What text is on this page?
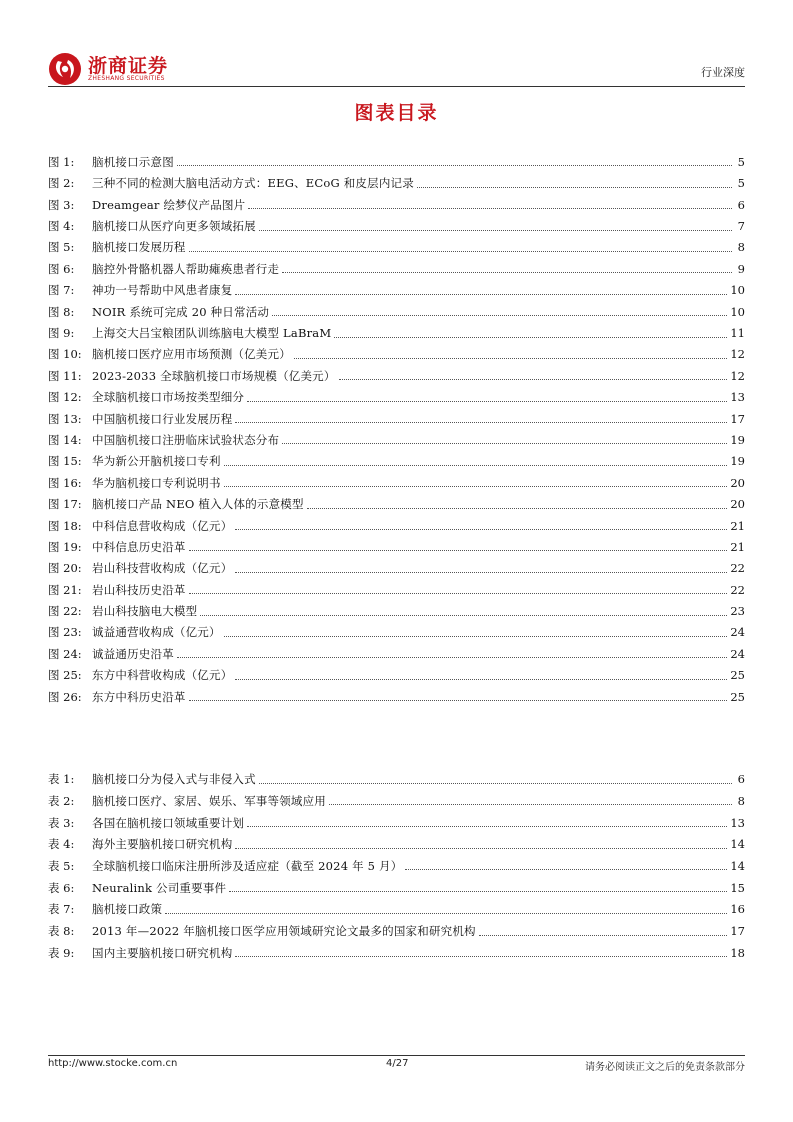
浙商证券
ZHESHANG SECURITIES	行业深度
图表目录
图 1:	脑机接口示意图	5
图 2:	三种不同的检测大脑电活动方式：EEG、ECoG 和皮层内记录	5
图 3:	Dreamgear 绘梦仪产品图片	6
图 4:	脑机接口从医疗向更多领域拓展	7
图 5:	脑机接口发展历程	8
图 6:	脑控外骨骼机器人帮助瘫痪患者行走	9
图 7:	神功一号帮助中风患者康复	10
图 8:	NOIR 系统可完成 20 种日常活动	10
图 9:	上海交大吕宝粮团队训练脑电大模型 LaBraM	11
图 10: 脑机接口医疗应用市场预测（亿美元）	12
图 11: 2023-2033 全球脑机接口市场规模（亿美元）	12
图 12: 全球脑机接口市场按类型细分	13
图 13: 中国脑机接口行业发展历程	17
图 14: 中国脑机接口注册临床试验状态分布	19
图 15: 华为新公开脑机接口专利	19
图 16: 华为脑机接口专利说明书	20
图 17: 脑机接口产品 NEO 植入人体的示意模型	20
图 18: 中科信息营收构成（亿元）	21
图 19: 中科信息历史沿革	21
图 20: 岩山科技营收构成（亿元）	22
图 21: 岩山科技历史沿革	22
图 22: 岩山科技脑电大模型	23
图 23: 诚益通营收构成（亿元）	24
图 24: 诚益通历史沿革	24
图 25: 东方中科营收构成（亿元）	25
图 26: 东方中科历史沿革	25
表 1:	脑机接口分为侵入式与非侵入式	6
表 2:	脑机接口医疗、家居、娱乐、军事等领域应用	8
表 3:	各国在脑机接口领域重要计划	13
表 4:	海外主要脑机接口研究机构	14
表 5:	全球脑机接口临床注册所涉及适应症（截至 2024 年 5 月）	14
表 6:	Neuralink 公司重要事件	15
表 7:	脑机接口政策	16
表 8:	2013 年—2022 年脑机接口医学应用领域研究论文最多的国家和研究机构	17
表 9:	国内主要脑机接口研究机构	18
http://www.stocke.com.cn	4/27	请务必阅读正文之后的免责条款部分
